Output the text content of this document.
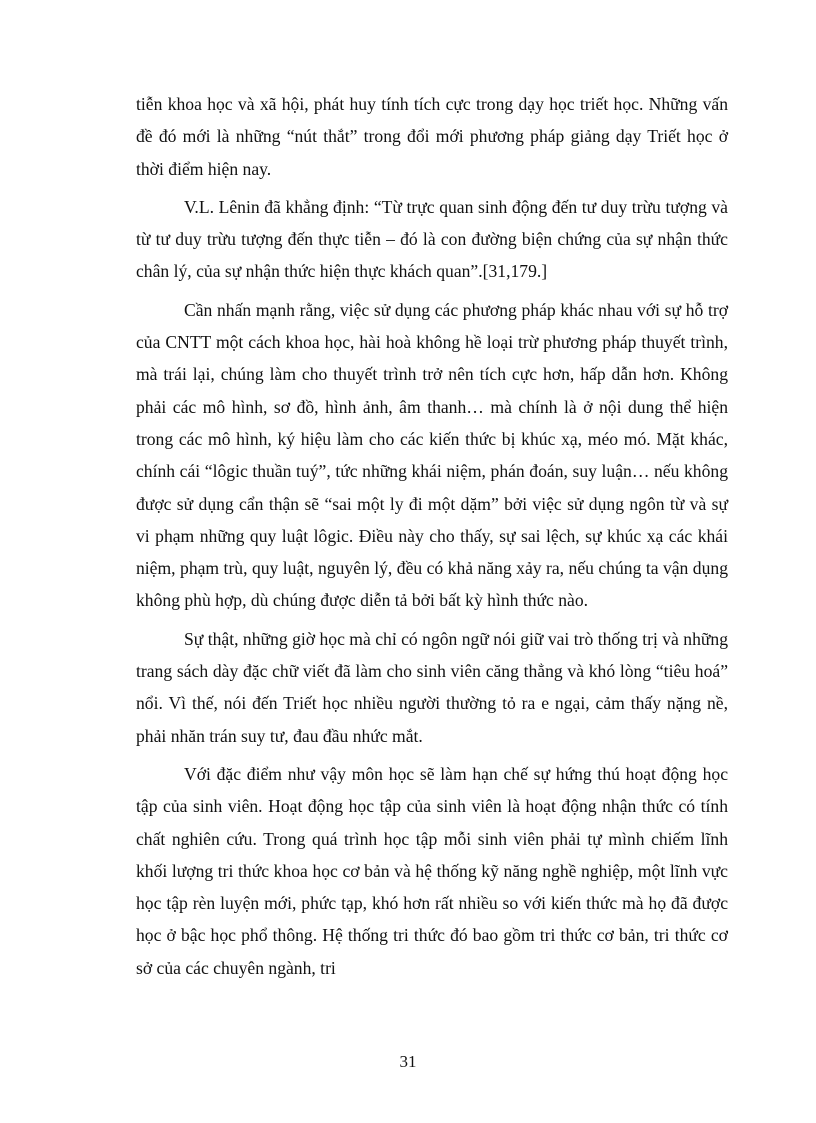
tiễn khoa học và xã hội, phát huy tính tích cực trong dạy học triết học. Những vấn đề đó mới là những “nút thắt” trong đổi mới phương pháp giảng dạy Triết học ở thời điểm hiện nay.

V.L. Lênin đã khẳng định: “Từ trực quan sinh động đến tư duy trừu tượng và từ tư duy trừu tượng đến thực tiễn – đó là con đường biện chứng của sự nhận thức chân lý, của sự nhận thức hiện thực khách quan”.[31,179.]

Cần nhấn mạnh rằng, việc sử dụng các phương pháp khác nhau với sự hỗ trợ của CNTT một cách khoa học, hài hoà không hề loại trừ phương pháp thuyết trình, mà trái lại, chúng làm cho thuyết trình trở nên tích cực hơn, hấp dẫn hơn. Không phải các mô hình, sơ đồ, hình ảnh, âm thanh… mà chính là ở nội dung thể hiện trong các mô hình, ký hiệu làm cho các kiến thức bị khúc xạ, méo mó. Mặt khác, chính cái “lôgic thuần tuý”, tức những khái niệm, phán đoán, suy luận… nếu không được sử dụng cẩn thận sẽ “sai một ly đi một dặm” bởi việc sử dụng ngôn từ và sự vi phạm những quy luật lôgic. Điều này cho thấy, sự sai lệch, sự khúc xạ các khái niệm, phạm trù, quy luật, nguyên lý, đều có khả năng xảy ra, nếu chúng ta vận dụng không phù hợp, dù chúng được diễn tả bởi bất kỳ hình thức nào.

Sự thật, những giờ học mà chỉ có ngôn ngữ nói giữ vai trò thống trị và những trang sách dày đặc chữ viết đã làm cho sinh viên căng thẳng và khó lòng “tiêu hoá” nổi. Vì thế, nói đến Triết học nhiều người thường tỏ ra e ngại, cảm thấy nặng nề, phải nhăn trán suy tư, đau đầu nhức mắt.

Với đặc điểm như vậy môn học sẽ làm hạn chế sự hứng thú hoạt động học tập của sinh viên. Hoạt động học tập của sinh viên là hoạt động nhận thức có tính chất nghiên cứu. Trong quá trình học tập mỗi sinh viên phải tự mình chiếm lĩnh khối lượng tri thức khoa học cơ bản và hệ thống kỹ năng nghề nghiệp, một lĩnh vực học tập rèn luyện mới, phức tạp, khó hơn rất nhiều so với kiến thức mà họ đã được học ở bậc học phổ thông. Hệ thống tri thức đó bao gồm tri thức cơ bản, tri thức cơ sở của các chuyên ngành, tri

31
